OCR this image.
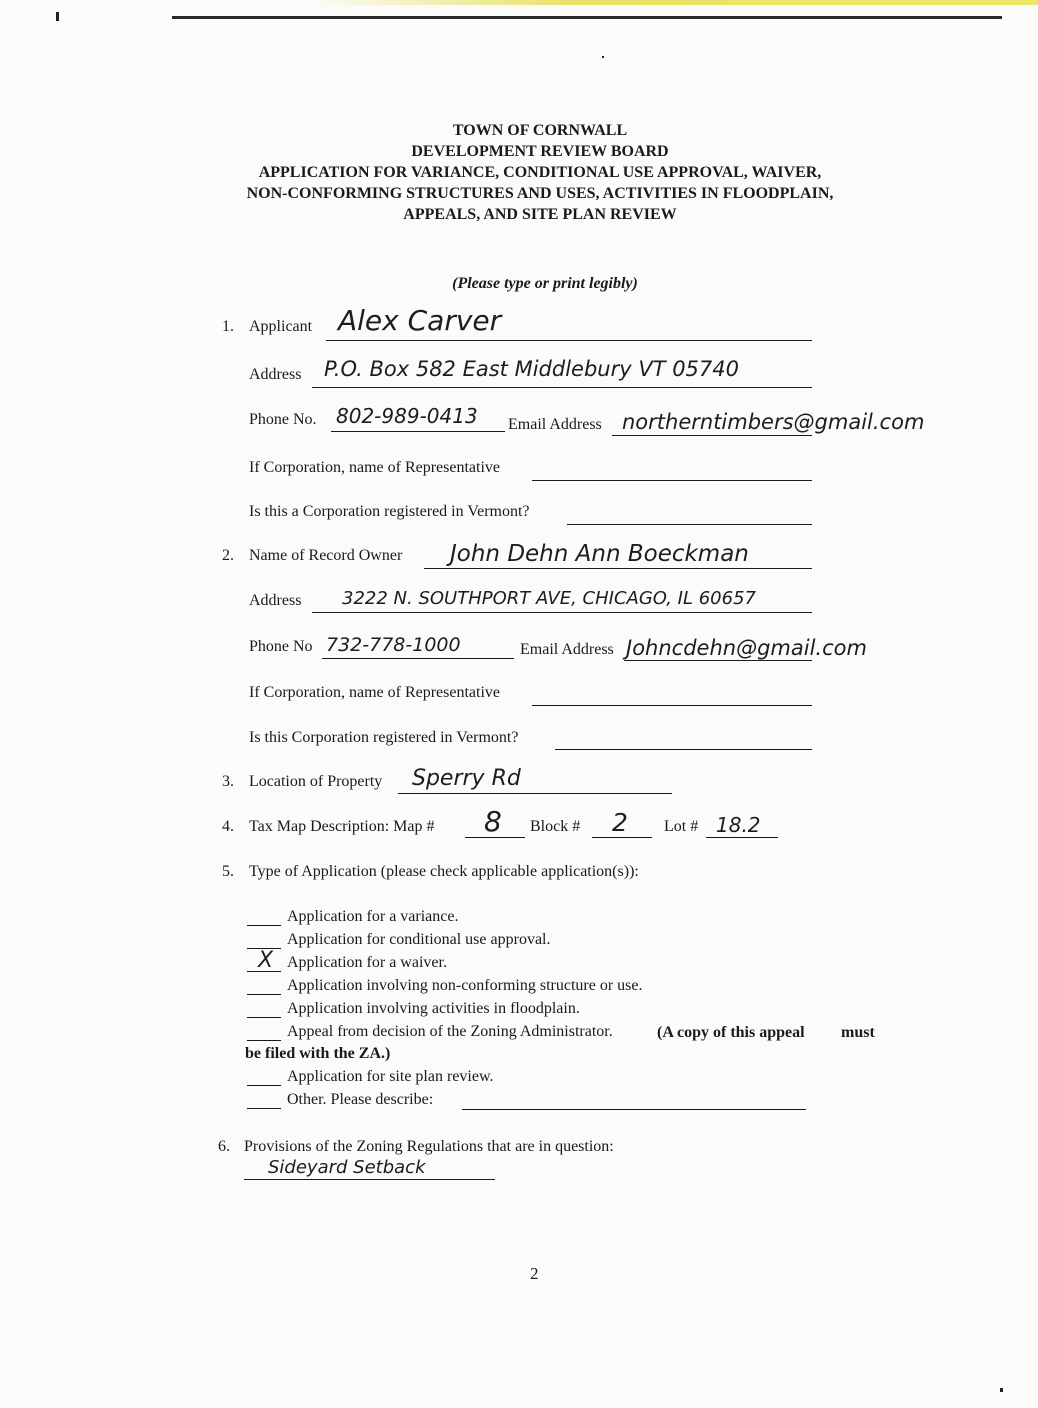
TOWN OF CORNWALL
DEVELOPMENT REVIEW BOARD
APPLICATION FOR VARIANCE, CONDITIONAL USE APPROVAL, WAIVER,
NON-CONFORMING STRUCTURES AND USES, ACTIVITIES IN FLOODPLAIN,
APPEALS, AND SITE PLAN REVIEW
(Please type or print legibly)
1. Applicant Alex Carver
Address P.O. Box 582 East Middlebury VT 05740
Phone No. 802-989-0413 Email Address northerntimbers@gmail.com
If Corporation, name of Representative
Is this a Corporation registered in Vermont?
2. Name of Record Owner John Dehn Ann Boeckman
Address 3222 N. SOUTHPORT AVE, CHICAGO, IL 60657
Phone No 732-778-1000	Email Address Johncdehn@gmail.com
If Corporation, name of Representative
Is this Corporation registered in Vermont?
3. Location of Property Sperry Rd
4. Tax Map Description: Map # 8 Block # 2 Lot # 18.2
5. Type of Application (please check applicable application(s)):
Application for a variance.
Application for conditional use approval.
X Application for a waiver.
Application involving non-conforming structure or use.
Application involving activities in floodplain.
Appeal from decision of the Zoning Administrator.	(A copy of this appeal must
be filed with the ZA.)
Application for site plan review.
Other. Please describe:
6. Provisions of the Zoning Regulations that are in question:
Sideyard Setback
2
